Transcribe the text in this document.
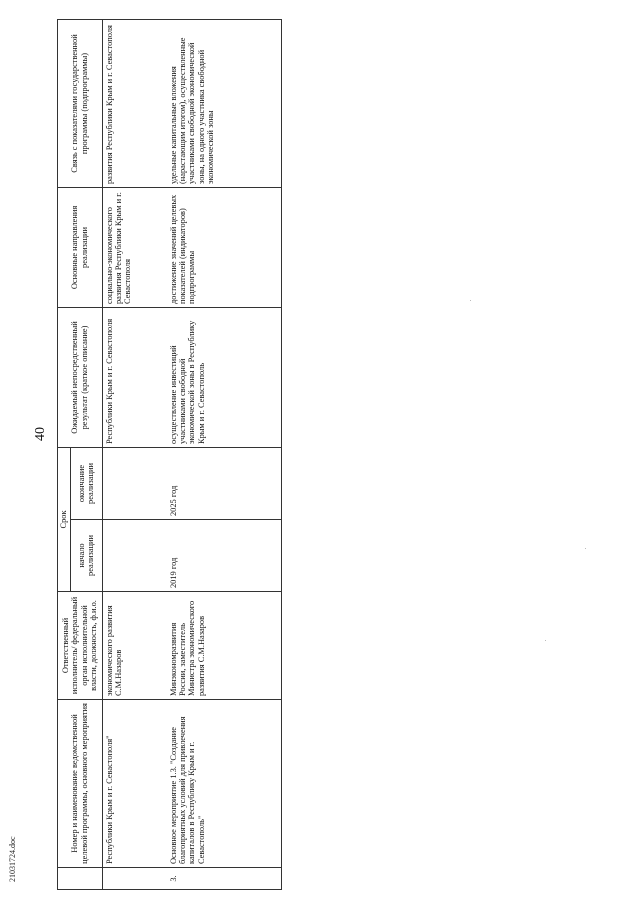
40
	Номер и наименование ведомственной целевой программы, основного мероприятия	Ответственный исполнитель/ федеральный орган исполнительной власти, должность, ф.и.о.	Срок		Ожидаемый непосредственный результат (краткое описание)	Основные направления реализации	Связь с показателями государственной программы (подпрограммы)
			начало реализации	окончание реализации			
	Республики Крым и г. Севастополя"	экономического развития С.М.Назаров			Республики Крым и г. Севастополя	социально-экономического развития Республики Крым и г. Севастополя	развития Республики Крым и г. Севастополя
3.	Основное мероприятие 1.3. "Создание благоприятных условий для привлечения капиталов в Республику Крым и г. Севастополь"	Минэкономразвития России, заместитель Министра экономического развития С.М.Назаров	2019 год	2025 год	осуществление инвестиций участниками свободной экономической зоны в Республику Крым и г. Севастополь	достижение значений целевых показателей (индикаторов) подпрограммы	удельные капитальные вложения (нарастающим итогом), осуществленные участниками свободной экономической зоны, на одного участника свободной экономической зоны
21031724.doc
